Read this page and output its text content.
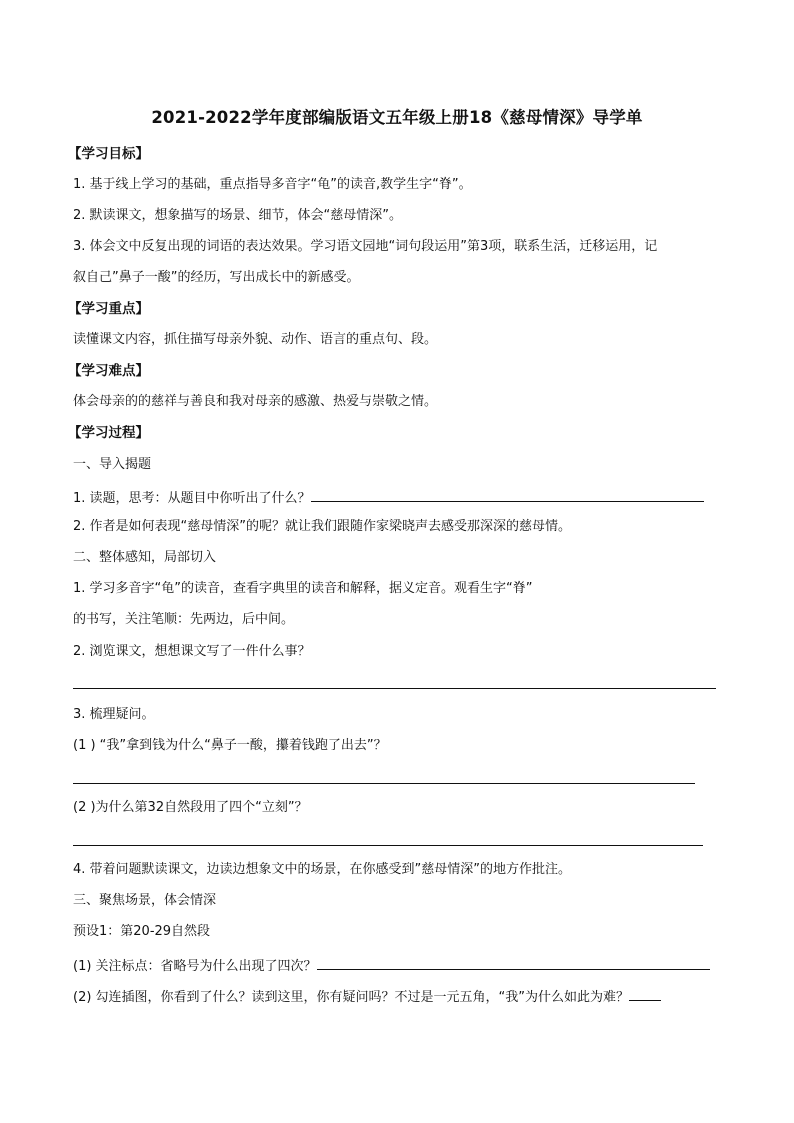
2021-2022学年度部编版语文五年级上册18《慈母情深》导学单
【学习目标】
1. 基于线上学习的基础，重点指导多音字“龟”的读音,教学生字“脊”。
2. 默读课文，想象描写的场景、细节，体会“慈母情深”。
3. 体会文中反复出现的词语的表达效果。学习语文园地“词句段运用”第3项，联系生活，迁移运用，记
叙自己”鼻子一酸”的经历，写出成长中的新感受。
【学习重点】
读懂课文内容，抓住描写母亲外貌、动作、语言的重点句、段。
【学习难点】
体会母亲的的慈祥与善良和我对母亲的感激、热爱与崇敬之情。
【学习过程】
一、导入揭题
1. 读题，思考：从题目中你听出了什么？
2. 作者是如何表现“慈母情深”的呢？就让我们跟随作家梁晓声去感受那深深的慈母情。
二、整体感知，局部切入
1. 学习多音字“龟”的读音，查看字典里的读音和解释，据义定音。观看生字“脊”
的书写，关注笔顺：先两边，后中间。
2. 浏览课文，想想课文写了一件什么事？
3. 梳理疑问。
(1 ) “我”拿到钱为什么“鼻子一酸，攥着钱跑了出去”？
(2 )为什么第32自然段用了四个“立刻”？
4. 带着问题默读课文，边读边想象文中的场景，在你感受到”慈母情深”的地方作批注。
三、聚焦场景，体会情深
预设1：第20-29自然段
(1) 关注标点：省略号为什么出现了四次？
(2) 勾连插图，你看到了什么？读到这里，你有疑问吗？不过是一元五角，“我”为什么如此为难？
